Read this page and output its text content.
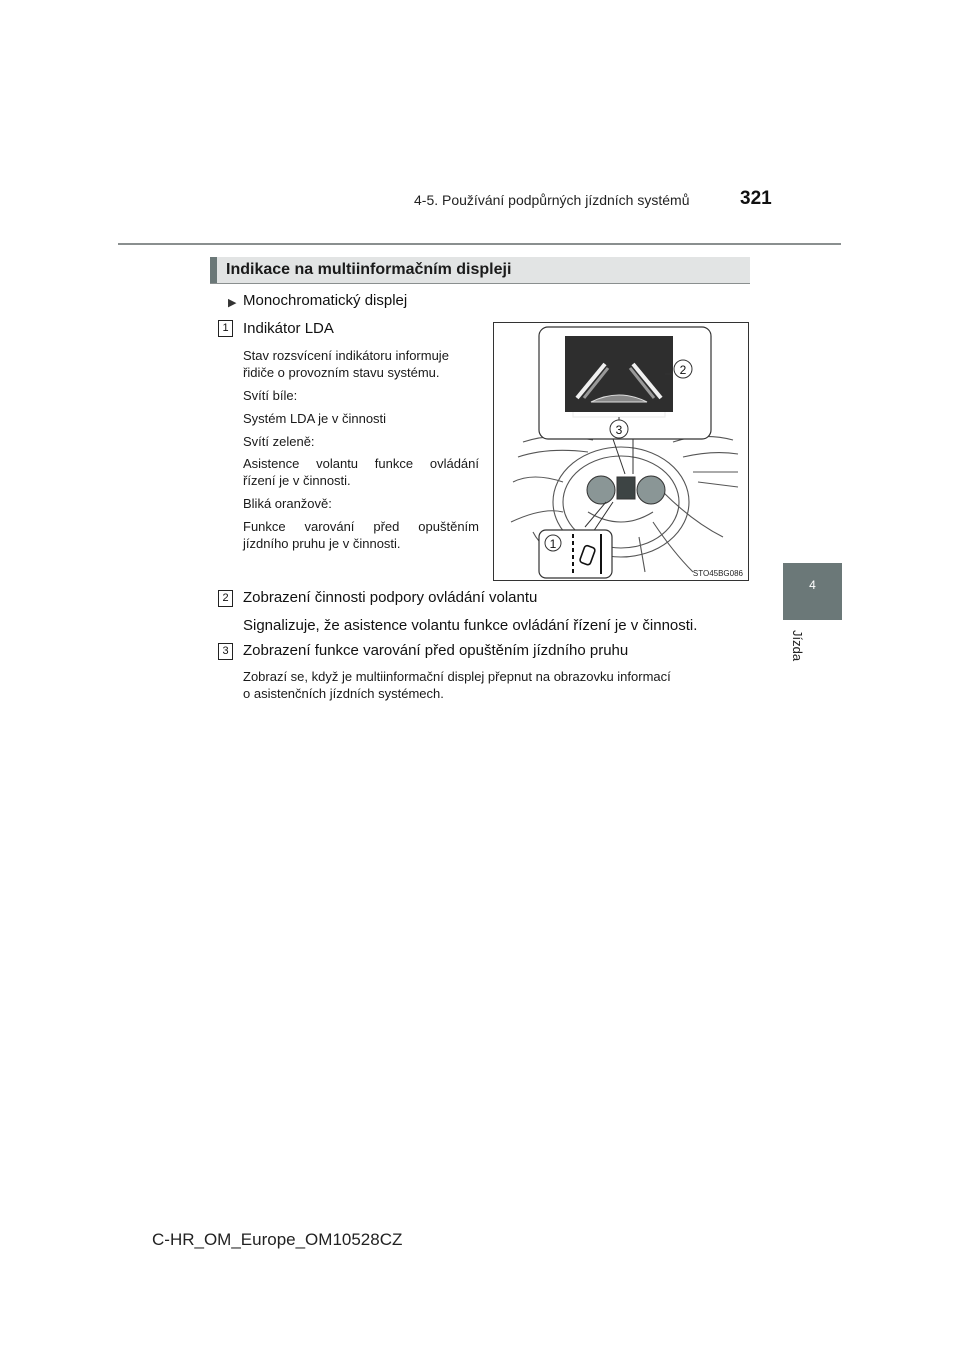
4-5. Používání podpůrných jízdních systémů	321
4
Jízda
Indikace na multiinformačním displeji
▶ Monochromatický displej
1 Indikátor LDA
Stav rozsvícení indikátoru informuje
řidiče o provozním stavu systému.
Svítí bíle:
Systém LDA je v činnosti
Svítí zeleně:
Asistence volantu funkce ovládání
řízení je v činnosti.
Bliká oranžově:
Funkce varování před opuštěním
jízdního pruhu je v činnosti.
2
3
1
STO45BG086
2 Zobrazení činnosti podpory ovládání volantu
Signalizuje, že asistence volantu funkce ovládání řízení je v činnosti.
3 Zobrazení funkce varování před opuštěním jízdního pruhu
Zobrazí se, když je multiinformační displej přepnut na obrazovku informací
o asistenčních jízdních systémech.
C-HR_OM_Europe_OM10528CZ
